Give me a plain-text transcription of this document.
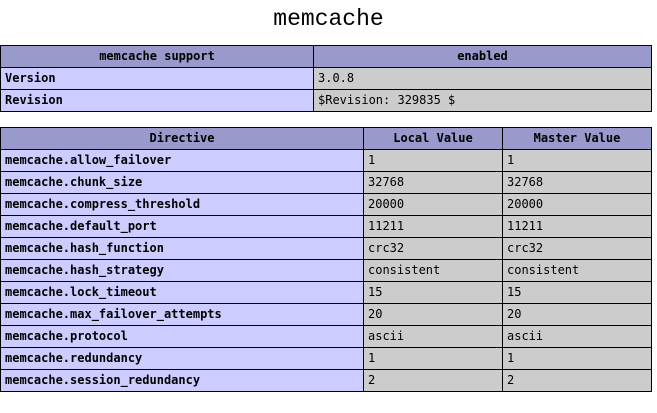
memcache
memcache support	enabled
Version	3.0.8
Revision	$Revision: 329835 $
Directive	Local Value	Master Value
memcache.allow_failover	1	1
memcache.chunk_size	32768	32768
memcache.compress_threshold	20000	20000
memcache.default_port	11211	11211
memcache.hash_function	crc32	crc32
memcache.hash_strategy	consistent	consistent
memcache.lock_timeout	15	15
memcache.max_failover_attempts	20	20
memcache.protocol	ascii	ascii
memcache.redundancy	1	1
memcache.session_redundancy	2	2
